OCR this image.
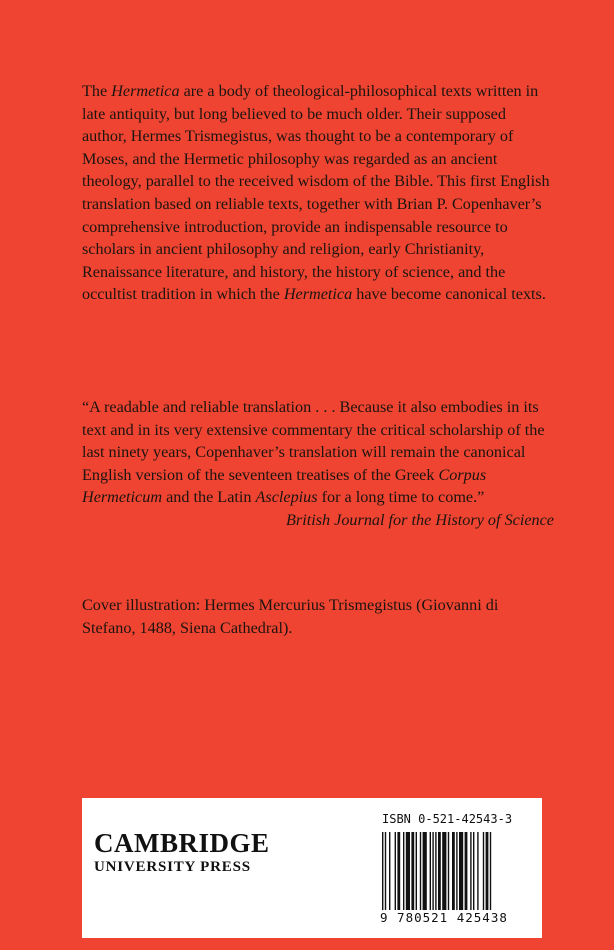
The Hermetica are a body of theological-philosophical texts written in late antiquity, but long believed to be much older. Their supposed author, Hermes Trismegistus, was thought to be a contemporary of Moses, and the Hermetic philosophy was regarded as an ancient theology, parallel to the received wisdom of the Bible. This first English translation based on reliable texts, together with Brian P. Copenhaver’s comprehensive introduction, provide an indispensable resource to scholars in ancient philosophy and religion, early Christianity, Renaissance literature, and history, the history of science, and the occultist tradition in which the Hermetica have become canonical texts.

“A readable and reliable translation . . . Because it also embodies in its text and in its very extensive commentary the critical scholarship of the last ninety years, Copenhaver’s translation will remain the canonical English version of the seventeen treatises of the Greek Corpus Hermeticum and the Latin Asclepius for a long time to come.”
British Journal for the History of Science

Cover illustration: Hermes Mercurius Trismegistus (Giovanni di Stefano, 1488, Siena Cathedral).

CAMBRIDGE
UNIVERSITY PRESS
ISBN 0-521-42543-3
9 780521 425438
